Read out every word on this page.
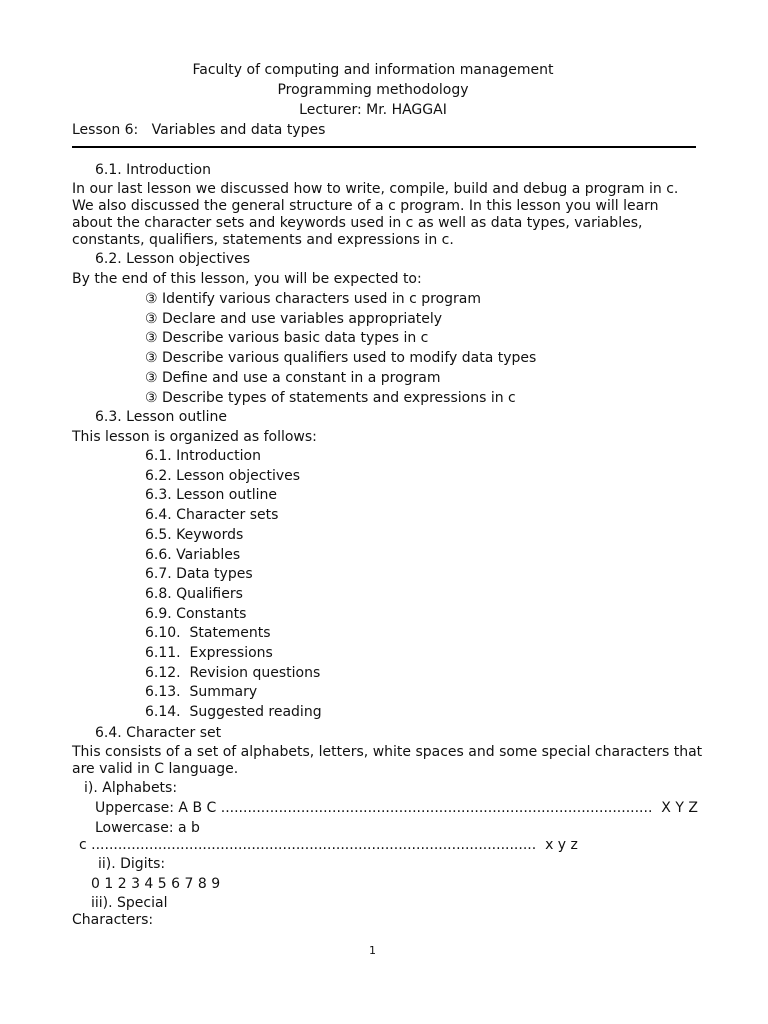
Faculty of computing and information management
Programming methodology
Lecturer: Mr. HAGGAI
Lesson 6:   Variables and data types
6.1. Introduction
In our last lesson we discussed how to write, compile, build and debug a program in c.
We also discussed the general structure of a c program. In this lesson you will learn
about the character sets and keywords used in c as well as data types, variables,
constants, qualifiers, statements and expressions in c.
6.2. Lesson objectives
By the end of this lesson, you will be expected to:
③ Identify various characters used in c program
③ Declare and use variables appropriately
③ Describe various basic data types in c
③ Describe various qualifiers used to modify data types
③ Define and use a constant in a program
③ Describe types of statements and expressions in c
6.3. Lesson outline
This lesson is organized as follows:
6.1. Introduction
6.2. Lesson objectives
6.3. Lesson outline
6.4. Character sets
6.5. Keywords
6.6. Variables
6.7. Data types
6.8. Qualifiers
6.9. Constants
6.10.  Statements
6.11.  Expressions
6.12.  Revision questions
6.13.  Summary
6.14.  Suggested reading
6.4. Character set
This consists of a set of alphabets, letters, white spaces and some special characters that
are valid in C language.
i). Alphabets:
Uppercase: A B C .................................................................................................  X Y Z
Lowercase: a b
c ....................................................................................................  x y z
ii). Digits:
0 1 2 3 4 5 6 7 8 9
iii). Special
Characters:
1
